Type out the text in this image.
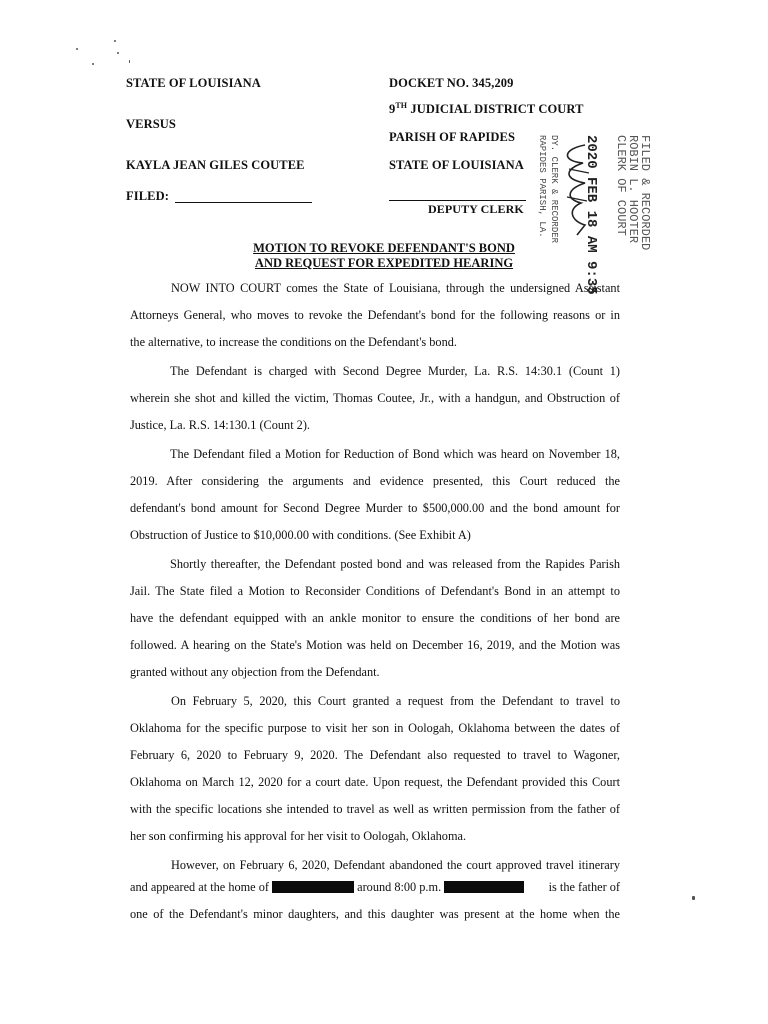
STATE OF LOUISIANA
VERSUS
KAYLA JEAN GILES COUTEE
FILED:
DOCKET NO. 345,209
9TH JUDICIAL DISTRICT COURT
PARISH OF RAPIDES
STATE OF LOUISIANA
DEPUTY CLERK	FILED & RECORDED
ROBIN L. HOOTER
CLERK OF COURT
2020 FEB 18 AM 9:35
DY. CLERK & RECORDER
RAPIDES PARISH, LA.
MOTION TO REVOKE DEFENDANT'S BOND
AND REQUEST FOR EXPEDITED HEARING
NOW INTO COURT comes the State of Louisiana, through the undersigned Assistant
Attorneys General, who moves to revoke the Defendant's bond for the following reasons or in
the alternative, to increase the conditions on the Defendant's bond.
The Defendant is charged with Second Degree Murder, La. R.S. 14:30.1 (Count 1)
wherein she shot and killed the victim, Thomas Coutee, Jr., with a handgun, and Obstruction of
Justice, La. R.S. 14:130.1 (Count 2).
The Defendant filed a Motion for Reduction of Bond which was heard on November 18,
2019. After considering the arguments and evidence presented, this Court reduced the
defendant's bond amount for Second Degree Murder to $500,000.00 and the bond amount for
Obstruction of Justice to $10,000.00 with conditions. (See Exhibit A)
Shortly thereafter, the Defendant posted bond and was released from the Rapides Parish
Jail. The State filed a Motion to Reconsider Conditions of Defendant's Bond in an attempt to
have the defendant equipped with an ankle monitor to ensure the conditions of her bond are
followed. A hearing on the State's Motion was held on December 16, 2019, and the Motion was
granted without any objection from the Defendant.
On February 5, 2020, this Court granted a request from the Defendant to travel to
Oklahoma for the specific purpose to visit her son in Oologah, Oklahoma between the dates of
February 6, 2020 to February 9, 2020. The Defendant also requested to travel to Wagoner,
Oklahoma on March 12, 2020 for a court date. Upon request, the Defendant provided this Court
with the specific locations she intended to travel as well as written permission from the father of
her son confirming his approval for her visit to Oologah, Oklahoma.
However, on February 6, 2020, Defendant abandoned the court approved travel itinerary
and appeared at the home of	around 8:00 p.m.	is the father of
one of the Defendant's minor daughters, and this daughter was present at the home when the
